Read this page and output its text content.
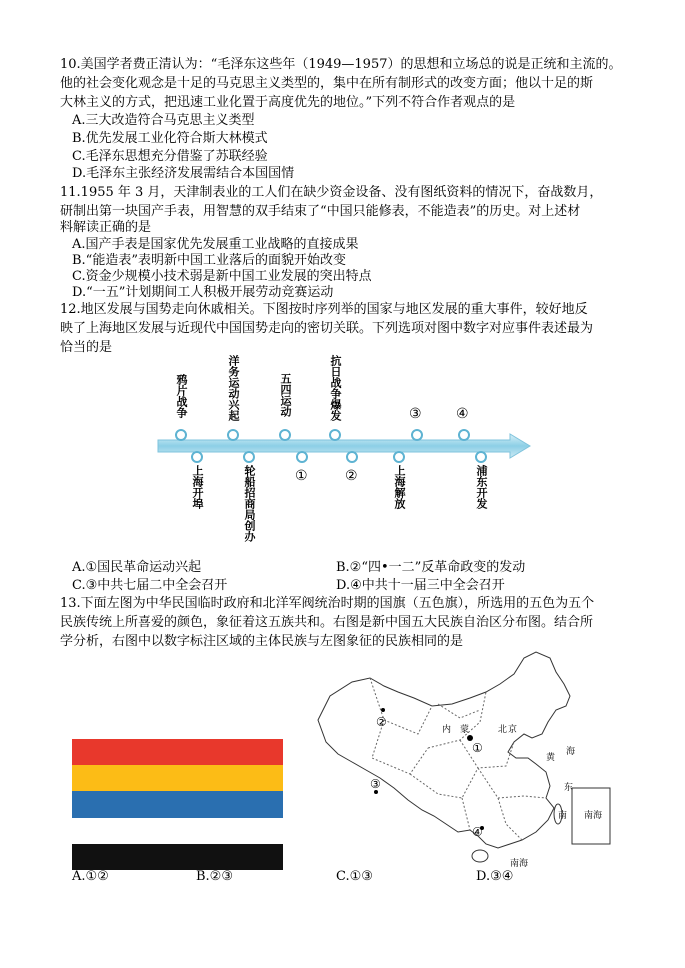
10.美国学者费正清认为：“毛泽东这些年（1949—1957）的思想和立场总的说是正统和主流的。
他的社会变化观念是十足的马克思主义类型的，集中在所有制形式的改变方面；他以十足的斯
大林主义的方式，把迅速工业化置于高度优先的地位。”下列不符合作者观点的是
A.三大改造符合马克思主义类型
B.优先发展工业化符合斯大林模式
C.毛泽东思想充分借鉴了苏联经验
D.毛泽东主张经济发展需结合本国国情
11.1955 年 3 月，天津制表业的工人们在缺少资金设备、没有图纸资料的情况下，奋战数月，
研制出第一块国产手表，用智慧的双手结束了“中国只能修表，不能造表”的历史。对上述材
料解读正确的是
A.国产手表是国家优先发展重工业战略的直接成果
B.“能造表”表明新中国工业落后的面貌开始改变
C.资金少规模小技术弱是新中国工业发展的突出特点
D.“一五”计划期间工人积极开展劳动竞赛运动
12.地区发展与国势走向休戚相关。下图按时序列举的国家与地区发展的重大事件，较好地反
映了上海地区发展与近现代中国国势走向的密切关联。下列选项对图中数字对应事件表述最为
恰当的是
鸦片战争	洋务运动兴起	五四运动	抗日战争爆发	③ ④
上海开埠	轮船招商局创办	①	②	上海解放	浦东开发
A.①国民革命运动兴起	B.②“四•一二”反革命政变的发动
C.③中共七届二中全会召开	D.④中共十一届三中全会召开
13.下面左图为中华民国临时政府和北洋军阀统治时期的国旗（五色旗），所选用的五色为五个
民族传统上所喜爱的颜色，象征着这五族共和。右图是新中国五大民族自治区分布图。结合所
学分析，右图中以数字标注区域的主体民族与左图象征的民族相同的是
②
③
④
①
内 蒙	北 京
黄
海
东
南
南海
南海
A.①②	B.②③	C.①③	D.③④
